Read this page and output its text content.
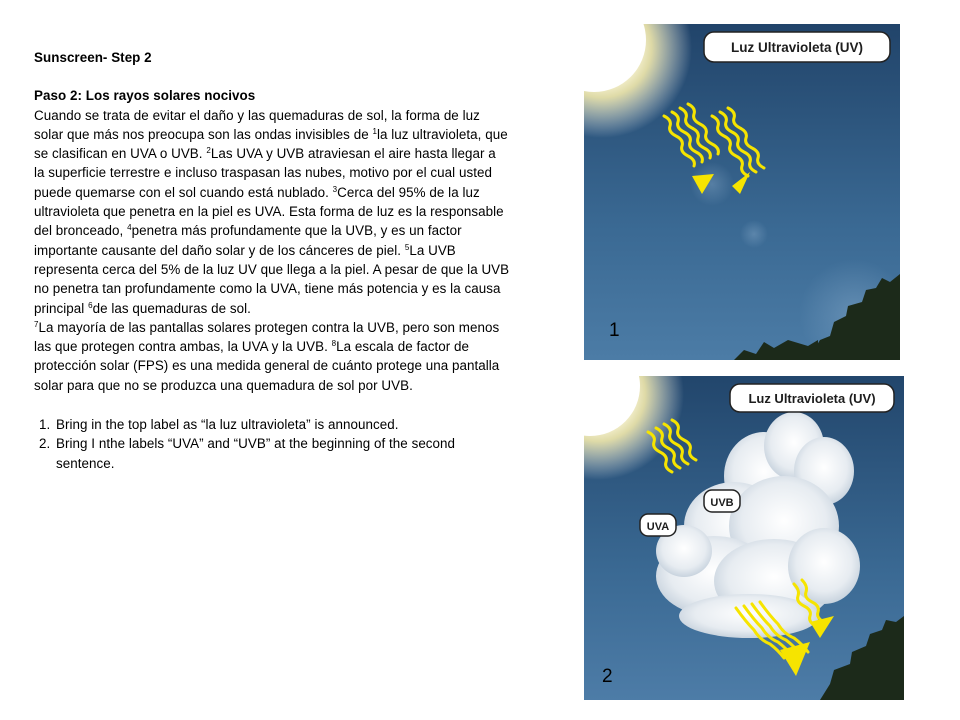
Sunscreen- Step 2

Paso 2: Los rayos solares nocivos

Cuando se trata de evitar el daño y las quemaduras de sol, la forma de luz solar que más nos preocupa son las ondas invisibles de $^1$la luz ultravioleta, que se clasifican en UVA o UVB. $^2$Las UVA y UVB atraviesan el aire hasta llegar a la superficie terrestre e incluso traspasan las nubes, motivo por el cual usted puede quemarse con el sol cuando está nublado. $^3$Cerca del 95% de la luz ultravioleta que penetra en la piel es UVA. Esta forma de luz es la responsable del bronceado, $^4$penetra más profundamente que la UVB, y es un factor importante causante del daño solar y de los cánceres de piel. $^5$La UVB representa cerca del 5% de la luz UV que llega a la piel. A pesar de que la UVB no penetra tan profundamente como la UVA, tiene más potencia y es la causa principal $^6$de las quemaduras de sol.

$^7$La mayoría de las pantallas solares protegen contra la UVB, pero son menos las que protegen contra ambas, la UVA y la UVB. $^8$La escala de factor de protección solar (FPS) es una medida general de cuánto protege una pantalla solar para que no se produzca una quemadura de sol por UVB.

1. Bring in the top label as “la luz ultravioleta” is announced.
2. Bring I nthe labels “UVA” and “UVB” at the beginning of the second sentence.
Luz Ultravioleta (UV)
1
Luz Ultravioleta (UV)
UVB
UVA
2
